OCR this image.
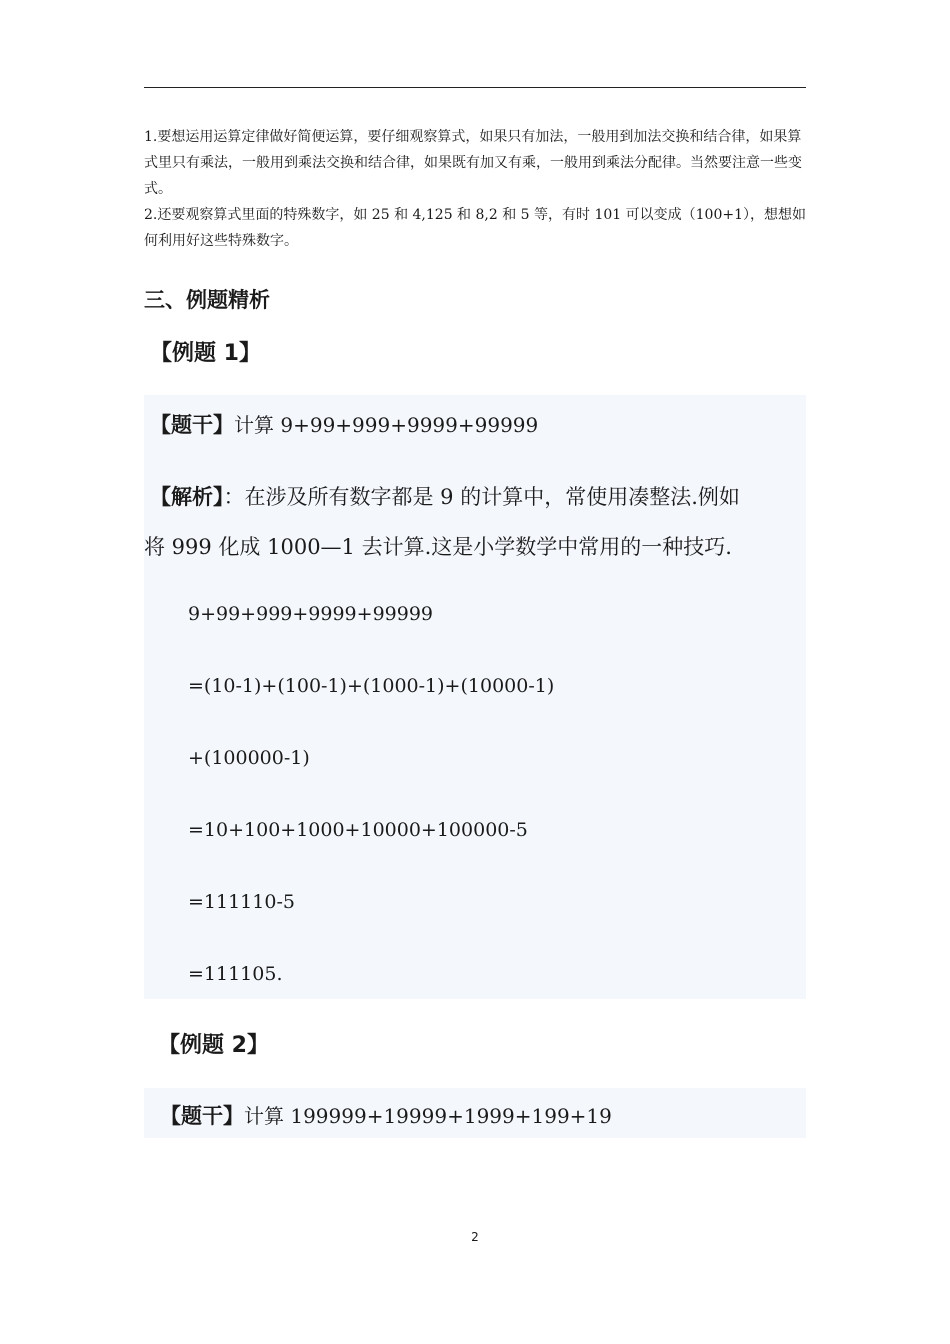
1.要想运用运算定律做好简便运算，要仔细观察算式，如果只有加法，一般用到加法交换和结合律，如果算式里只有乘法，一般用到乘法交换和结合律，如果既有加又有乘，一般用到乘法分配律。当然要注意一些变式。

2.还要观察算式里面的特殊数字，如 25 和 4,125 和 8,2 和 5 等，有时 101 可以变成（100+1），想想如何利用好这些特殊数字。

三、例题精析
【例题 1】
【题干】计算 9+99+999+9999+99999
【解析】：在涉及所有数字都是 9 的计算中，常使用凑整法.例如
将 999 化成 1000—1 去计算.这是小学数学中常用的一种技巧.
9+99+999+9999+99999
=(10-1)+(100-1)+(1000-1)+(10000-1)
+(100000-1)
=10+100+1000+10000+100000-5
=111110-5
=111105.
【例题 2】
【题干】计算 199999+19999+1999+199+19
2
